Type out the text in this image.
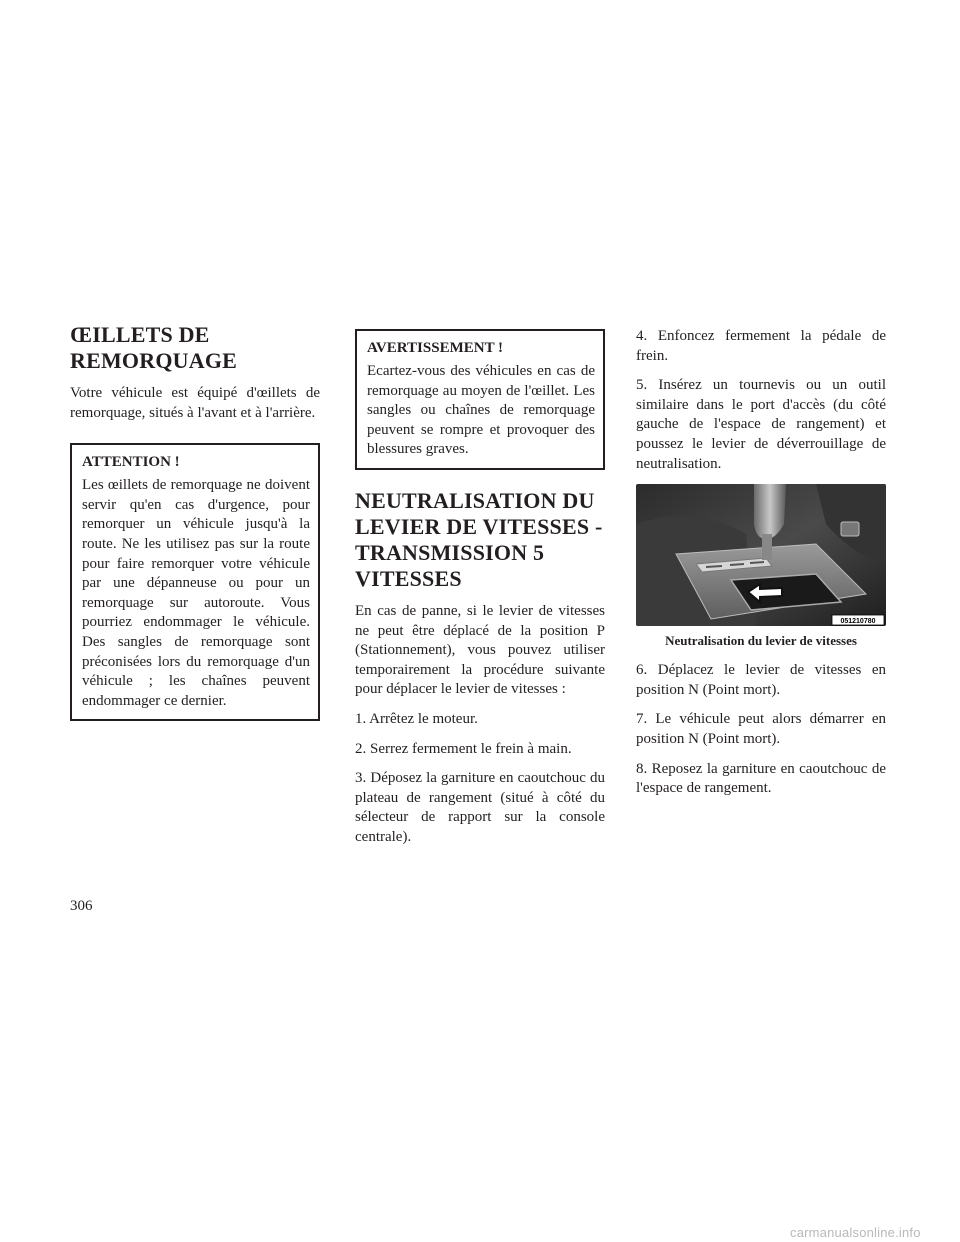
ŒILLETS DE REMORQUAGE

Votre véhicule est équipé d'œillets de remorquage, situés à l'avant et à l'arrière.

ATTENTION !

Les œillets de remorquage ne doivent servir qu'en cas d'urgence, pour remorquer un véhicule jusqu'à la route. Ne les utilisez pas sur la route pour faire remorquer votre véhicule par une dépanneuse ou pour un remorquage sur autoroute. Vous pourriez endommager le véhicule. Des sangles de remorquage sont préconisées lors du remorquage d'un véhicule ; les chaînes peuvent endommager ce dernier.

AVERTISSEMENT !

Ecartez-vous des véhicules en cas de remorquage au moyen de l'œillet. Les sangles ou chaînes de remorquage peuvent se rompre et provoquer des blessures graves.

NEUTRALISATION DU LEVIER DE VITESSES - TRANSMISSION 5 VITESSES

En cas de panne, si le levier de vitesses ne peut être déplacé de la position P (Stationnement), vous pouvez utiliser temporairement la procédure suivante pour déplacer le levier de vitesses :

1. Arrêtez le moteur.

2. Serrez fermement le frein à main.

3. Déposez la garniture en caoutchouc du plateau de rangement (situé à côté du sélecteur de rapport sur la console centrale).

4. Enfoncez fermement la pédale de frein.

5. Insérez un tournevis ou un outil similaire dans le port d'accès (du côté gauche de l'espace de rangement) et poussez le levier de déverrouillage de neutralisation.

051210780
Neutralisation du levier de vitesses

6. Déplacez le levier de vitesses en position N (Point mort).

7. Le véhicule peut alors démarrer en position N (Point mort).

8. Reposez la garniture en caoutchouc de l'espace de rangement.

306
carmanualsonline.info
